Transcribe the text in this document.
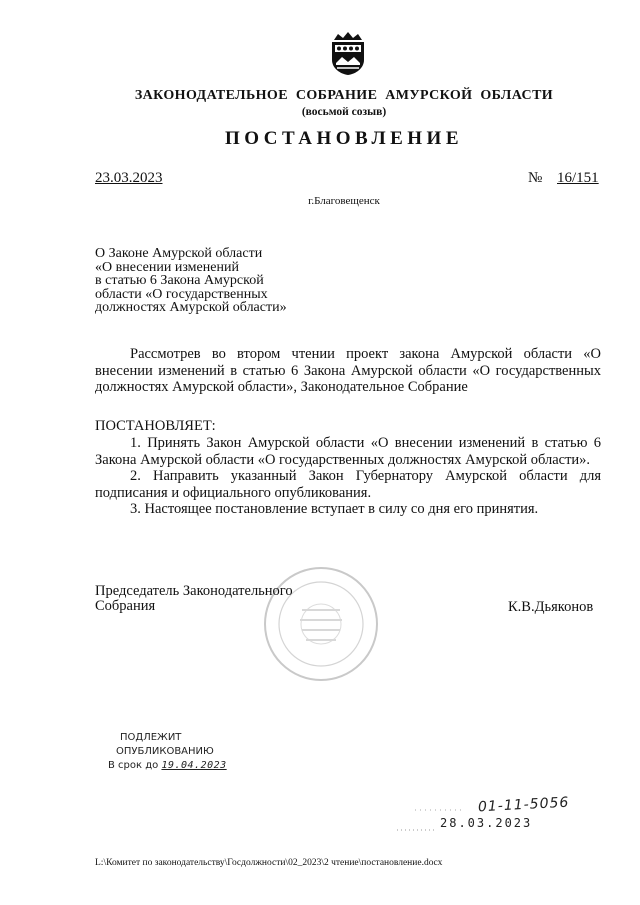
ЗАКОНОДАТЕЛЬНОЕ СОБРАНИЕ АМУРСКОЙ ОБЛАСТИ
(восьмой созыв)
ПОСТАНОВЛЕНИЕ
23.03.2023	№ 16/151
г.Благовещенск
О Законе Амурской области
«О внесении изменений
в статью 6 Закона Амурской
области «О государственных
должностях Амурской области»
Рассмотрев во втором чтении проект закона Амурской области «О внесении изменений в статью 6 Закона Амурской области «О государственных должностях Амурской области», Законодательное Собрание
ПОСТАНОВЛЯЕТ:
1. Принять Закон Амурской области «О внесении изменений в статью 6 Закона Амурской области «О государственных должностях Амурской области».
2. Направить указанный Закон Губернатору Амурской области для подписания и официального опубликования.
3. Настоящее постановление вступает в силу со дня его принятия.
Председатель Законодательного
Собрания	К.В.Дьяконов
ПОДЛЕЖИТ
ОПУБЛИКОВАНИЮ
В срок до 19.04.2023
01-11-5056
28.03.2023
L:\Комитет по законодательству\Госдолжности\02_2023\2 чтение\постановление.docx
